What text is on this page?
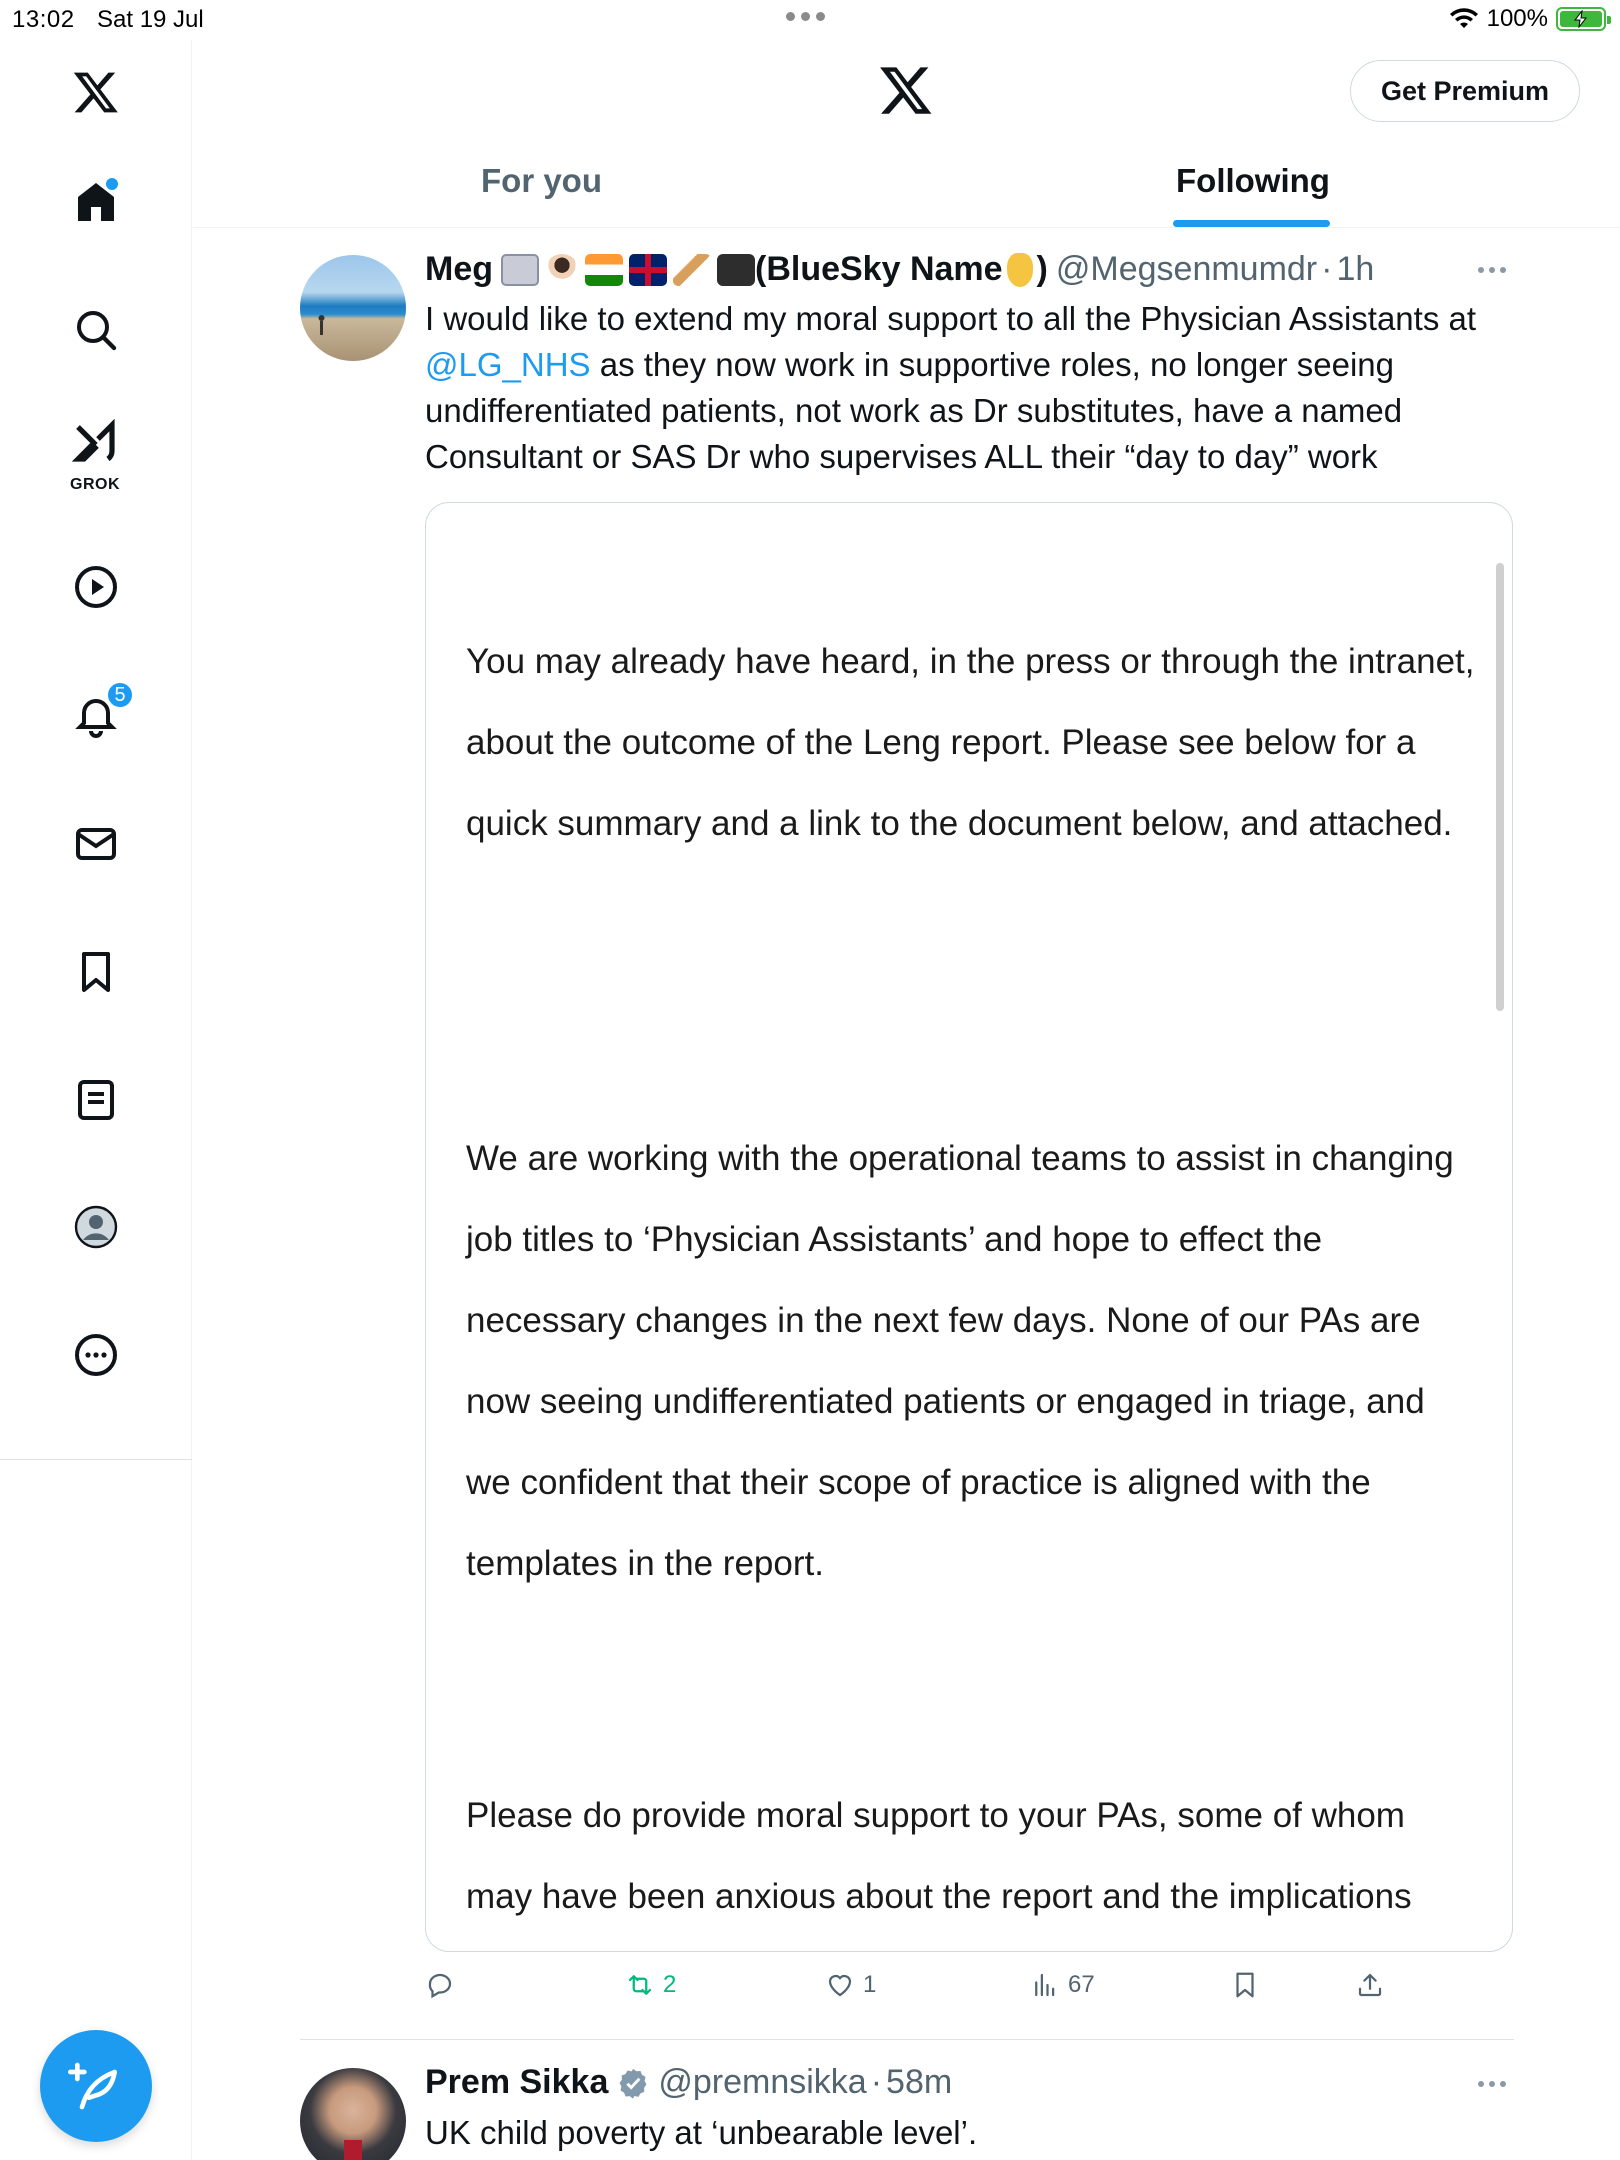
13:02 Sat 19 Jul	100%
GROK
5
Get Premium
For you	Following
Meg	(BlueSky Name ) @Megsenmumdr · 1h
I would like to extend my moral support to all the Physician Assistants at @LG_NHS as they now work in supportive roles, no longer seeing undifferentiated patients, not work as Dr substitutes, have a named Consultant or SAS Dr who supervises ALL their “day to day” work

You may already have heard, in the press or through the intranet, about the outcome of the Leng report. Please see below for a quick summary and a link to the document below, and attached.

We are working with the operational teams to assist in changing job titles to ‘Physician Assistants’ and hope to effect the necessary changes in the next few days. None of our PAs are now seeing undifferentiated patients or engaged in triage, and we confident that their scope of practice is aligned with the templates in the report.

Please do provide moral support to your PAs, some of whom may have been anxious about the report and the implications

2	1	67
Prem Sikka @premnsikka · 58m
UK child poverty at ‘unbearable level’.
